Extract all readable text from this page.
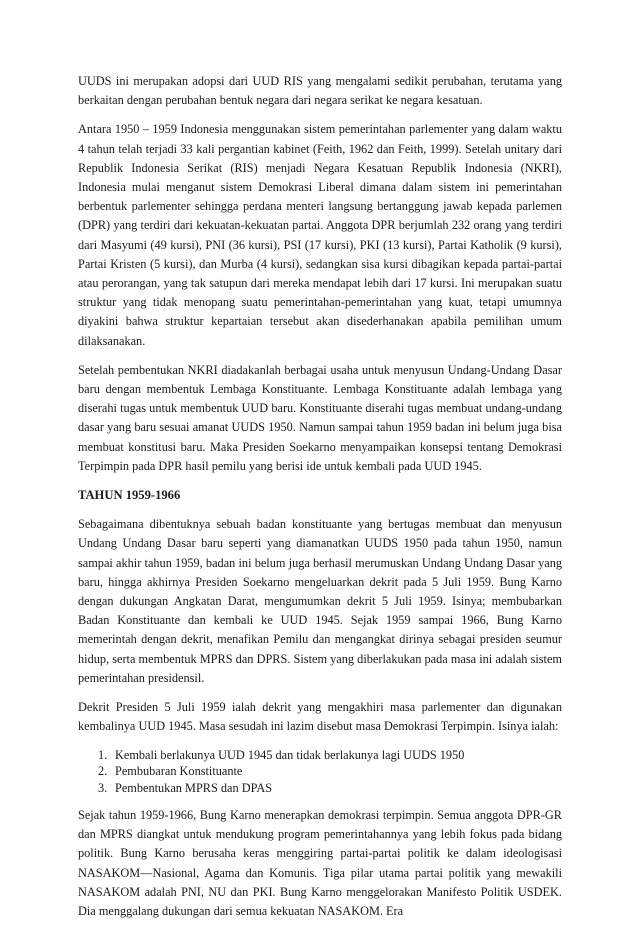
UUDS ini merupakan adopsi dari UUD RIS yang mengalami sedikit perubahan, terutama yang berkaitan dengan perubahan bentuk negara dari negara serikat ke negara kesatuan.

Antara 1950 – 1959 Indonesia menggunakan sistem pemerintahan parlementer yang dalam waktu 4 tahun telah terjadi 33 kali pergantian kabinet (Feith, 1962 dan Feith, 1999). Setelah unitary dari Republik Indonesia Serikat (RIS) menjadi Negara Kesatuan Republik Indonesia (NKRI), Indonesia mulai menganut sistem Demokrasi Liberal dimana dalam sistem ini pemerintahan berbentuk parlementer sehingga perdana menteri langsung bertanggung jawab kepada parlemen (DPR) yang terdiri dari kekuatan-kekuatan partai. Anggota DPR berjumlah 232 orang yang terdiri dari Masyumi (49 kursi), PNI (36 kursi), PSI (17 kursi), PKI (13 kursi), Partai Katholik (9 kursi), Partai Kristen (5 kursi), dan Murba (4 kursi), sedangkan sisa kursi dibagikan kepada partai-partai atau perorangan, yang tak satupun dari mereka mendapat lebih dari 17 kursi. Ini merupakan suatu struktur yang tidak menopang suatu pemerintahan-pemerintahan yang kuat, tetapi umumnya diyakini bahwa struktur kepartaian tersebut akan disederhanakan apabila pemilihan umum dilaksanakan.

Setelah pembentukan NKRI diadakanlah berbagai usaha untuk menyusun Undang-Undang Dasar baru dengan membentuk Lembaga Konstituante. Lembaga Konstituante adalah lembaga yang diserahi tugas untuk membentuk UUD baru. Konstituante diserahi tugas membuat undang-undang dasar yang baru sesuai amanat UUDS 1950. Namun sampai tahun 1959 badan ini belum juga bisa membuat konstitusi baru. Maka Presiden Soekarno menyampaikan konsepsi tentang Demokrasi Terpimpin pada DPR hasil pemilu yang berisi ide untuk kembali pada UUD 1945.

TAHUN 1959-1966

Sebagaimana dibentuknya sebuah badan konstituante yang bertugas membuat dan menyusun Undang Undang Dasar baru seperti yang diamanatkan UUDS 1950 pada tahun 1950, namun sampai akhir tahun 1959, badan ini belum juga berhasil merumuskan Undang Undang Dasar yang baru, hingga akhirnya Presiden Soekarno mengeluarkan dekrit pada 5 Juli 1959. Bung Karno dengan dukungan Angkatan Darat, mengumumkan dekrit 5 Juli 1959. Isinya; membubarkan Badan Konstituante dan kembali ke UUD 1945. Sejak 1959 sampai 1966, Bung Karno memerintah dengan dekrit, menafikan Pemilu dan mengangkat dirinya sebagai presiden seumur hidup, serta membentuk MPRS dan DPRS. Sistem yang diberlakukan pada masa ini adalah sistem pemerintahan presidensil.

Dekrit Presiden 5 Juli 1959 ialah dekrit yang mengakhiri masa parlementer dan digunakan kembalinya UUD 1945. Masa sesudah ini lazim disebut masa Demokrasi Terpimpin. Isinya ialah:

1. Kembali berlakunya UUD 1945 dan tidak berlakunya lagi UUDS 1950
2. Pembubaran Konstituante
3. Pembentukan MPRS dan DPAS

Sejak tahun 1959-1966, Bung Karno menerapkan demokrasi terpimpin. Semua anggota DPR-GR dan MPRS diangkat untuk mendukung program pemerintahannya yang lebih fokus pada bidang politik. Bung Karno berusaha keras menggiring partai-partai politik ke dalam ideologisasi NASAKOM—Nasional, Agama dan Komunis. Tiga pilar utama partai politik yang mewakili NASAKOM adalah PNI, NU dan PKI. Bung Karno menggelorakan Manifesto Politik USDEK. Dia menggalang dukungan dari semua kekuatan NASAKOM. Era
